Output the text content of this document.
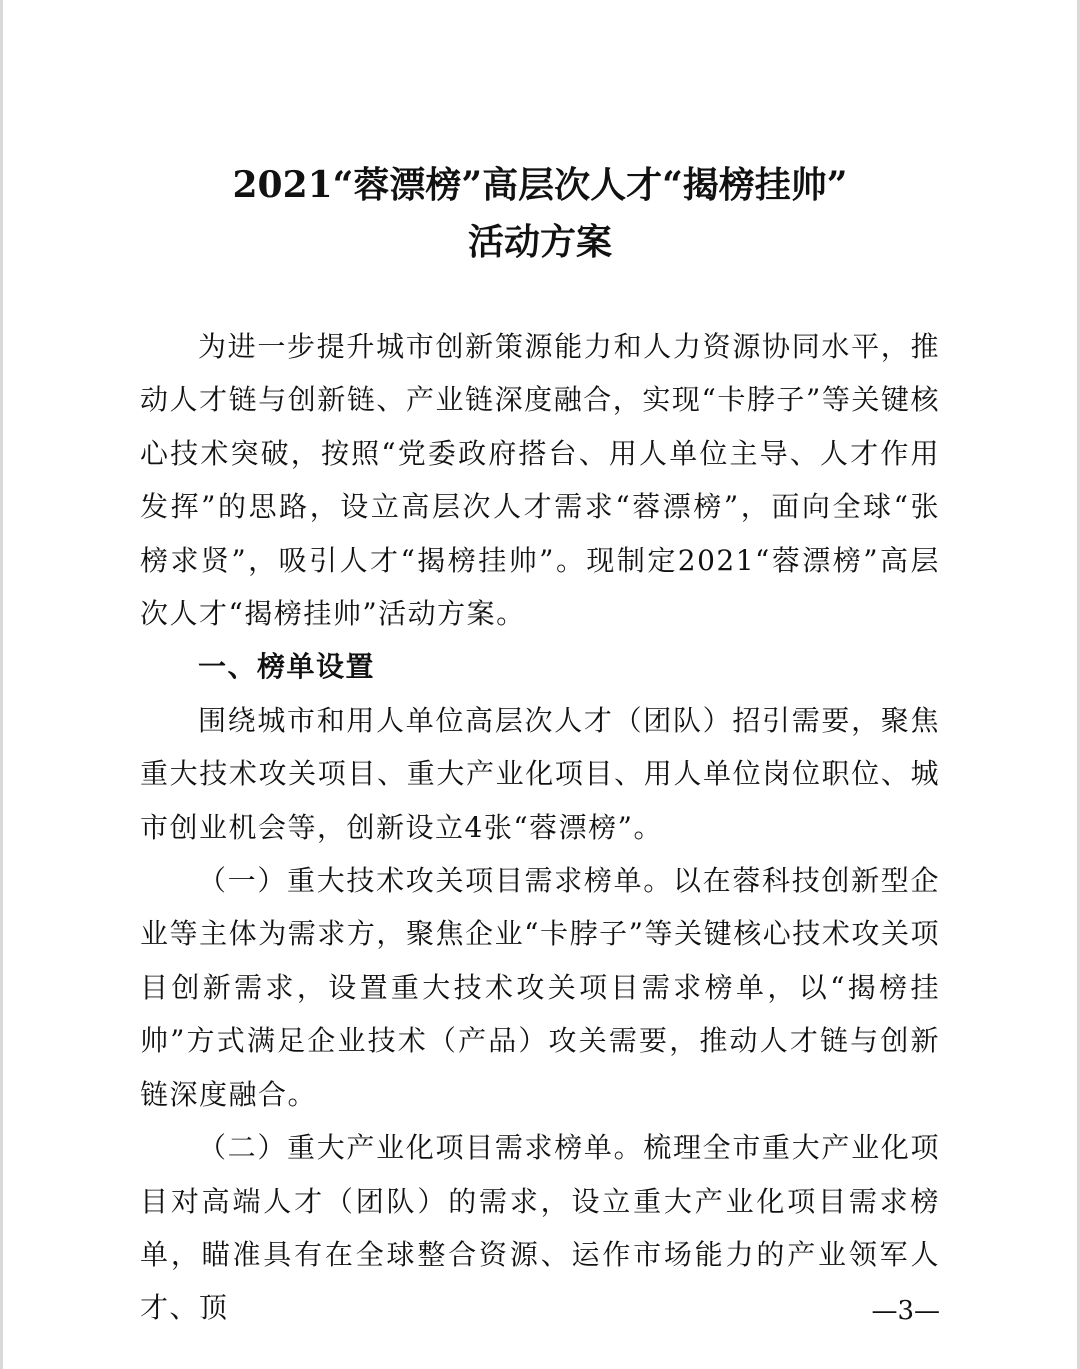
2021“蓉漂榜”高层次人才“揭榜挂帅”
活动方案

为进一步提升城市创新策源能力和人力资源协同水平，推动人才链与创新链、产业链深度融合，实现“卡脖子”等关键核心技术突破，按照“党委政府搭台、用人单位主导、人才作用发挥”的思路，设立高层次人才需求“蓉漂榜”，面向全球“张榜求贤”，吸引人才“揭榜挂帅”。现制定2021“蓉漂榜”高层次人才“揭榜挂帅”活动方案。

一、榜单设置

围绕城市和用人单位高层次人才（团队）招引需要，聚焦重大技术攻关项目、重大产业化项目、用人单位岗位职位、城市创业机会等，创新设立4张“蓉漂榜”。

（一）重大技术攻关项目需求榜单。以在蓉科技创新型企业等主体为需求方，聚焦企业“卡脖子”等关键核心技术攻关项目创新需求，设置重大技术攻关项目需求榜单，以“揭榜挂帅”方式满足企业技术（产品）攻关需要，推动人才链与创新链深度融合。

（二）重大产业化项目需求榜单。梳理全市重大产业化项目对高端人才（团队）的需求，设立重大产业化项目需求榜单，瞄准具有在全球整合资源、运作市场能力的产业领军人才、顶	—3—
